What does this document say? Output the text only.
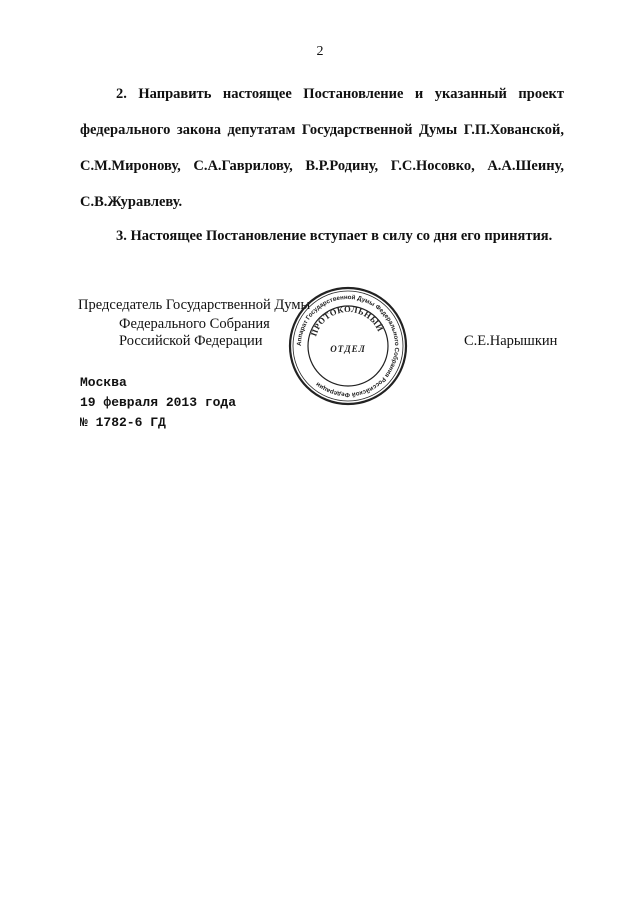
2
2. Направить настоящее Постановление и указанный проект
федерального закона депутатам Государственной Думы Г.П.Хованской,
С.М.Миронову, С.А.Гаврилову, В.Р.Родину, Г.С.Носовко, А.А.Шеину,
С.В.Журавлеву.
3. Настоящее Постановление вступает в силу со дня его принятия.
Председатель Государственной Думы
Федерального Собрания
Российской Федерации	С.Е.Нарышкин
Аппарат Государственной Думы Федерального Собрания Российской Федерации
ПРОТОКОЛЬНЫЙ
ОТДЕЛ
Москва
19 февраля 2013 года
№ 1782-6 ГД
